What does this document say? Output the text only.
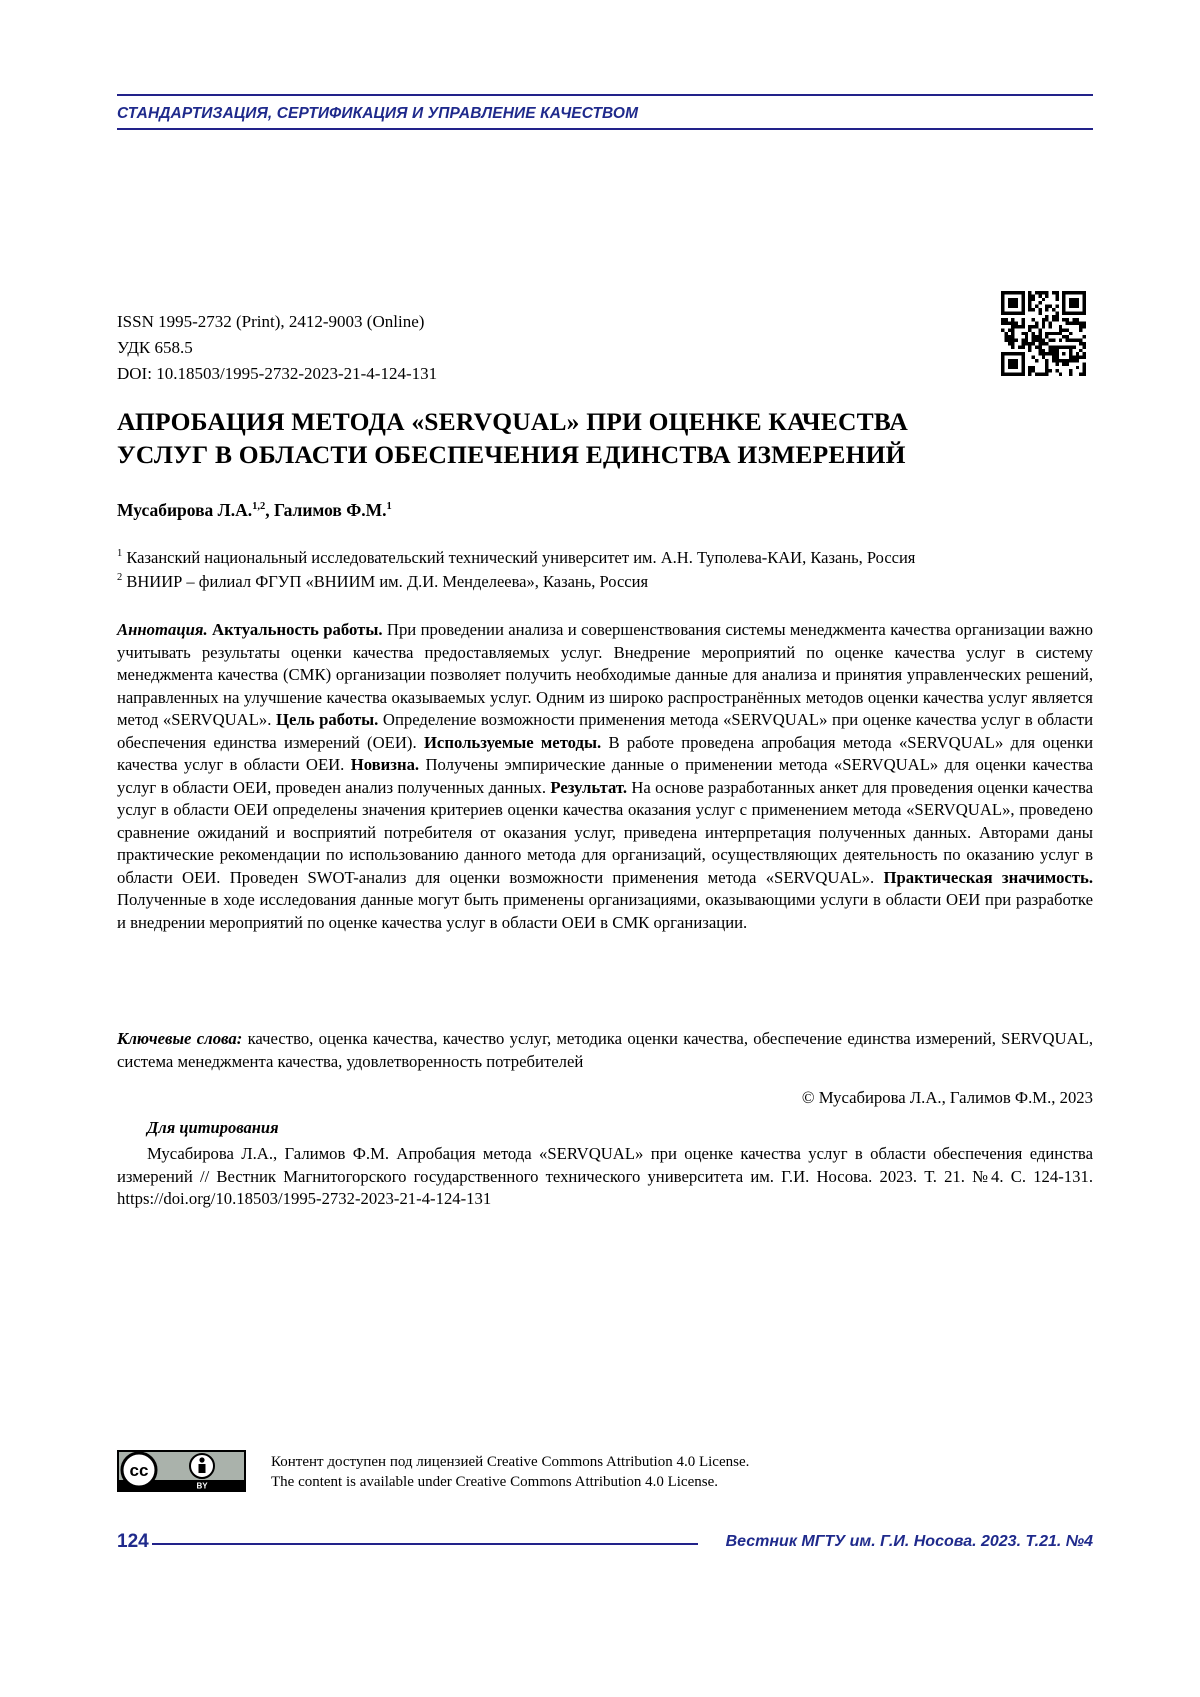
СТАНДАРТИЗАЦИЯ, СЕРТИФИКАЦИЯ И УПРАВЛЕНИЕ КАЧЕСТВОМ
ISSN 1995-2732 (Print), 2412-9003 (Online)
УДК 658.5
DOI: 10.18503/1995-2732-2023-21-4-124-131
АПРОБАЦИЯ МЕТОДА «SERVQUAL» ПРИ ОЦЕНКЕ КАЧЕСТВА
УСЛУГ В ОБЛАСТИ ОБЕСПЕЧЕНИЯ ЕДИНСТВА ИЗМЕРЕНИЙ
Мусабирова Л.А.$^{1,2}$, Галимов Ф.М.$^1$
$^1$ Казанский национальный исследовательский технический университет им. А.Н. Туполева-КАИ, Казань, Россия
$^2$ ВНИИР – филиал ФГУП «ВНИИМ им. Д.И. Менделеева», Казань, Россия
Аннотация. Актуальность работы. При проведении анализа и совершенствования системы менеджмента качества организации важно учитывать результаты оценки качества предоставляемых услуг. Внедрение мероприятий по оценке качества услуг в систему менеджмента качества (СМК) организации позволяет получить необходимые данные для анализа и принятия управленческих решений, направленных на улучшение качества оказываемых услуг. Одним из широко распространённых методов оценки качества услуг является метод «SERVQUAL». Цель работы. Определение возможности применения метода «SERVQUAL» при оценке качества услуг в области обеспечения единства измерений (ОЕИ). Используемые методы. В работе проведена апробация метода «SERVQUAL» для оценки качества услуг в области ОЕИ. Новизна. Получены эмпирические данные о применении метода «SERVQUAL» для оценки качества услуг в области ОЕИ, проведен анализ полученных данных. Результат. На основе разработанных анкет для проведения оценки качества услуг в области ОЕИ определены значения критериев оценки качества оказания услуг с применением метода «SERVQUAL», проведено сравнение ожиданий и восприятий потребителя от оказания услуг, приведена интерпретация полученных данных. Авторами даны практические рекомендации по использованию данного метода для организаций, осуществляющих деятельность по оказанию услуг в области ОЕИ. Проведен SWOT-анализ для оценки возможности применения метода «SERVQUAL». Практическая значимость. Полученные в ходе исследования данные могут быть применены организациями, оказывающими услуги в области ОЕИ при разработке и внедрении мероприятий по оценке качества услуг в области ОЕИ в СМК организации.
Ключевые слова: качество, оценка качества, качество услуг, методика оценки качества, обеспечение единства измерений, SERVQUAL, система менеджмента качества, удовлетворенность потребителей
© Мусабирова Л.А., Галимов Ф.М., 2023
Для цитирования
Мусабирова Л.А., Галимов Ф.М. Апробация метода «SERVQUAL» при оценке качества услуг в области обеспечения единства измерений // Вестник Магнитогорского государственного технического университета им. Г.И. Носова. 2023. Т. 21. №4. С. 124-131. https://doi.org/10.18503/1995-2732-2023-21-4-124-131
cc
BY
Контент доступен под лицензией Creative Commons Attribution 4.0 License.
The content is available under Creative Commons Attribution 4.0 License.
124	Вестник МГТУ им. Г.И. Носова. 2023. Т.21. №4
